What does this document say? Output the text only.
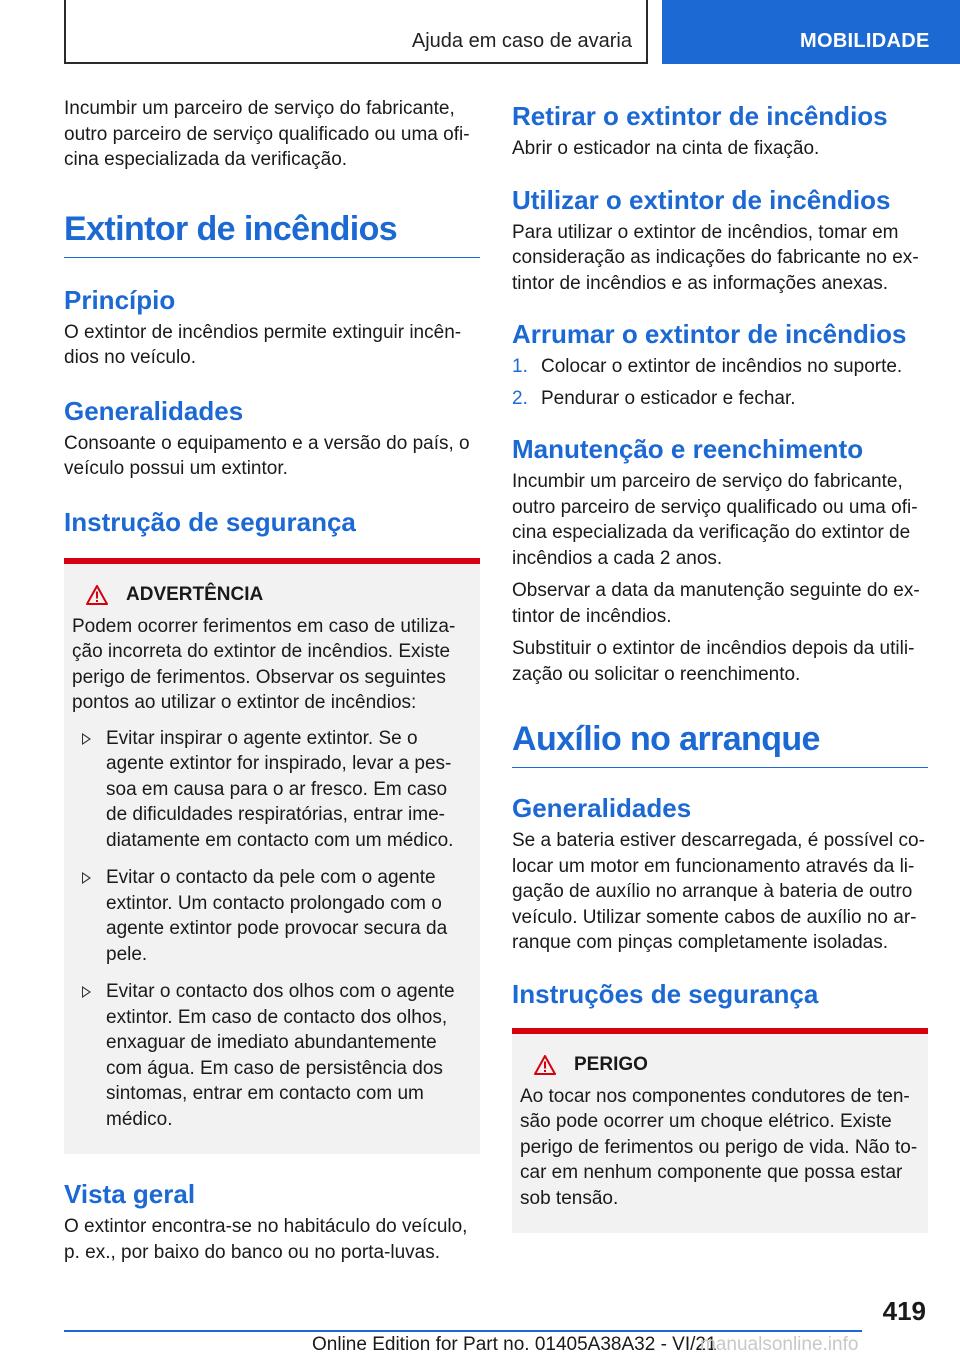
Ajuda em caso de avaria	MOBILIDADE

Incumbir um parceiro de serviço do fabricante, outro parceiro de serviço qualificado ou uma oficina especializada da verificação.

Extintor de incêndios
Princípio

O extintor de incêndios permite extinguir incêndios no veículo.

Generalidades

Consoante o equipamento e a versão do país, o veículo possui um extintor.

Instrução de segurança
ADVERTÊNCIA

Podem ocorrer ferimentos em caso de utilização incorreta do extintor de incêndios. Existe perigo de ferimentos. Observar os seguintes pontos ao utilizar o extintor de incêndios:

Evitar inspirar o agente extintor. Se o agente extintor for inspirado, levar a pessoa em causa para o ar fresco. Em caso de dificuldades respiratórias, entrar imediatamente em contacto com um médico.
Evitar o contacto da pele com o agente extintor. Um contacto prolongado com o agente extintor pode provocar secura da pele.
Evitar o contacto dos olhos com o agente extintor. Em caso de contacto dos olhos, enxaguar de imediato abundantemente com água. Em caso de persistência dos sintomas, entrar em contacto com um médico.
Vista geral

O extintor encontra-se no habitáculo do veículo, p. ex., por baixo do banco ou no porta-luvas.

Retirar o extintor de incêndios

Abrir o esticador na cinta de fixação.

Utilizar o extintor de incêndios

Para utilizar o extintor de incêndios, tomar em consideração as indicações do fabricante no extintor de incêndios e as informações anexas.

Arrumar o extintor de incêndios
1. Colocar o extintor de incêndios no suporte.
2. Pendurar o esticador e fechar.
Manutenção e reenchimento

Incumbir um parceiro de serviço do fabricante, outro parceiro de serviço qualificado ou uma oficina especializada da verificação do extintor de incêndios a cada 2 anos.

Observar a data da manutenção seguinte do extintor de incêndios.

Substituir o extintor de incêndios depois da utilização ou solicitar o reenchimento.

Auxílio no arranque
Generalidades

Se a bateria estiver descarregada, é possível colocar um motor em funcionamento através da ligação de auxílio no arranque à bateria de outro veículo. Utilizar somente cabos de auxílio no arranque com pinças completamente isoladas.

Instruções de segurança
PERIGO

Ao tocar nos componentes condutores de tensão pode ocorrer um choque elétrico. Existe perigo de ferimentos ou perigo de vida. Não tocar em nenhum componente que possa estar sob tensão.

419
Online Edition for Part no. 01405A38A32 - VI/21
manualsonline.info
